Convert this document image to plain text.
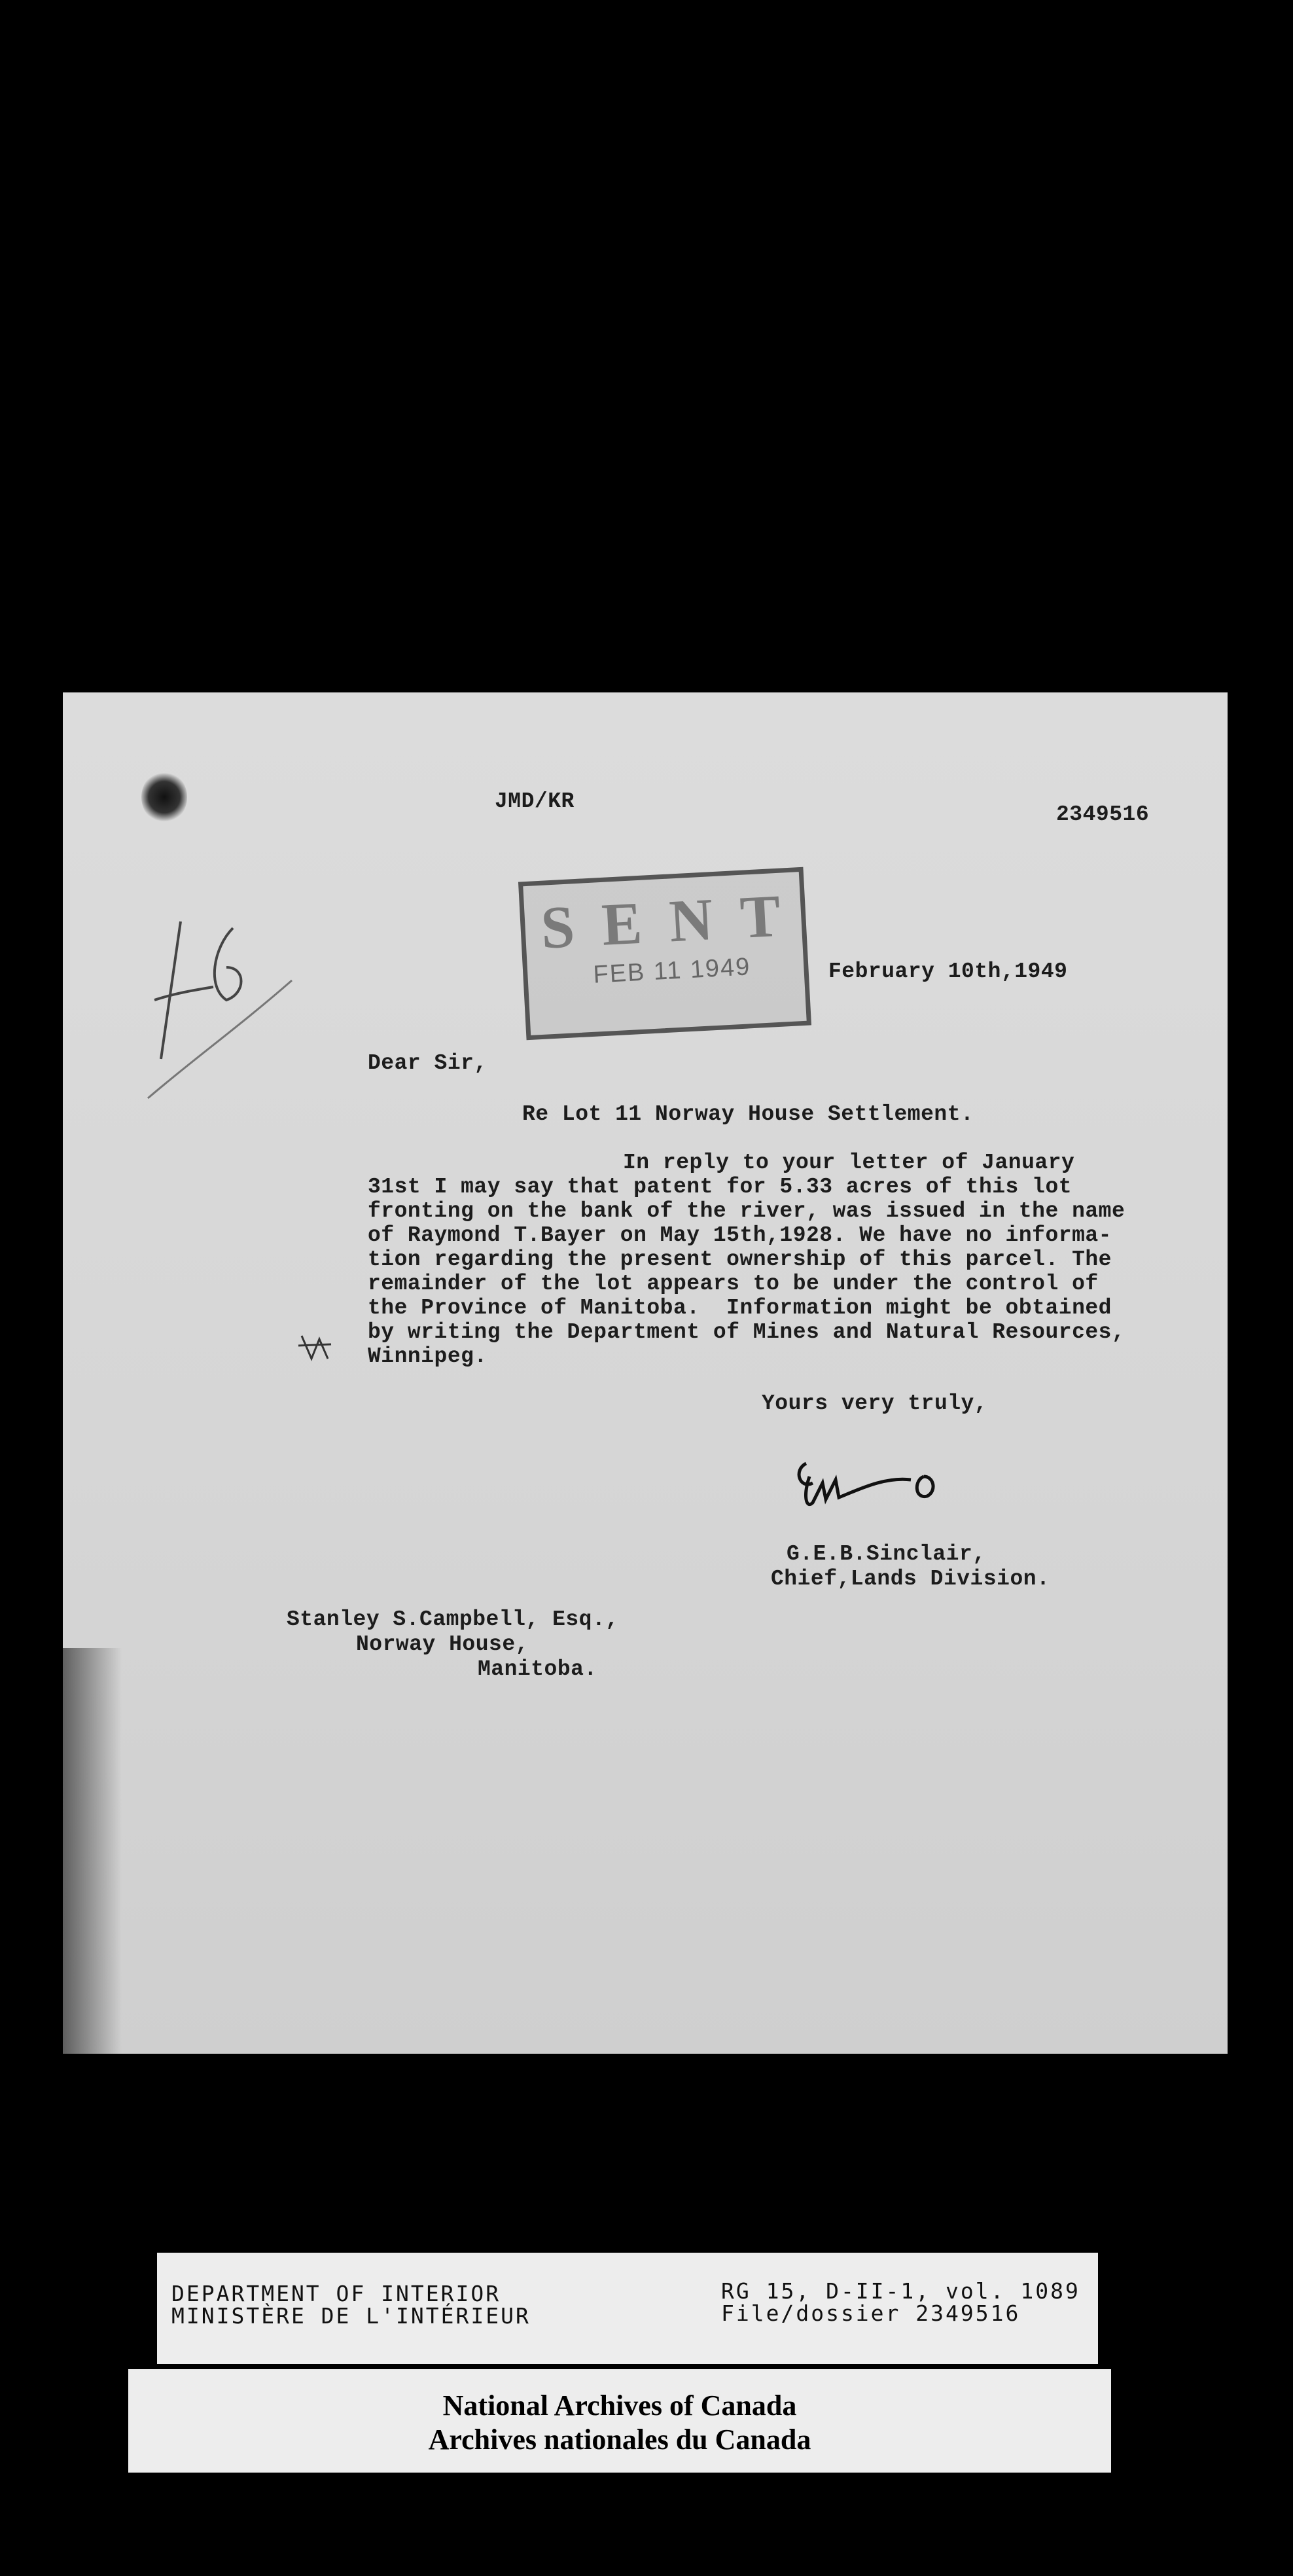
JMD/KR
2349516
SENT
FEB 11 1949	February 10th,1949
Dear Sir,
Re Lot 11 Norway House Settlement.
In reply to your letter of January
31st I may say that patent for 5.33 acres of this lot
fronting on the bank of the river, was issued in the name
of Raymond T.Bayer on May 15th,1928. We have no informa-
tion regarding the present ownership of this parcel. The
remainder of the lot appears to be under the control of
the Province of Manitoba.  Information might be obtained
by writing the Department of Mines and Natural Resources,
Winnipeg.
Yours very truly,
G.E.B.Sinclair,
Chief,Lands Division.
Stanley S.Campbell, Esq.,
Norway House,
Manitoba.
DEPARTMENT OF INTERIOR
MINISTÈRE DE L'INTÉRIEUR
RG 15, D-II-1, vol. 1089
File/dossier 2349516
National Archives of Canada
Archives nationales du Canada
